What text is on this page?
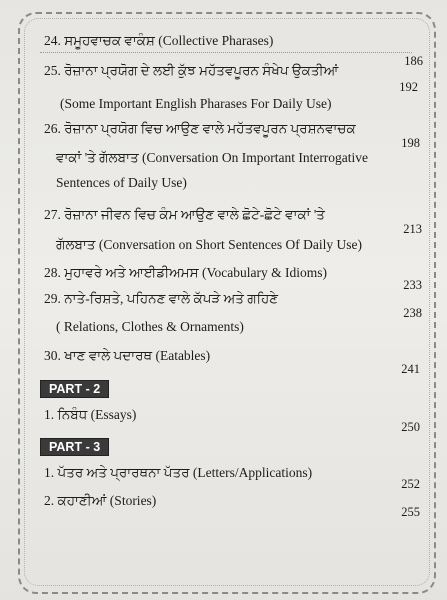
24. ਸਮੂਹਵਾਚਕ ਵਾਕੰਸ਼ (Collective Pharases)
186
25. ਰੋਜ਼ਾਨਾ ਪ੍ਰਯੋਗ ਦੇ ਲਈ ਕੁੱਝ ਮਹੱਤਵਪੂਰਨ ਸੰਖੇਪ ਉਕਤੀਆਂ
192
(Some Important English Pharases For Daily Use)
26. ਰੋਜ਼ਾਨਾ ਪ੍ਰਯੋਗ ਵਿਚ ਆਉਣ ਵਾਲੇ ਮਹੱਤਵਪੂਰਨ ਪ੍ਰਸ਼ਨਵਾਚਕ
198
ਵਾਕਾਂ 'ਤੇ ਗੱਲਬਾਤ (Conversation On Important Interrogative
Sentences of Daily Use)
27. ਰੋਜ਼ਾਨਾ ਜੀਵਨ ਵਿਚ ਕੰਮ ਆਉਣ ਵਾਲੇ ਛੋਟੇ-ਛੋਟੇ ਵਾਕਾਂ 'ਤੇ
213
ਗੱਲਬਾਤ (Conversation on Short Sentences Of Daily Use)
28. ਮੁਹਾਵਰੇ ਅਤੇ ਆਈਡੀਅਮਸ (Vocabulary & Idioms)
233
29. ਨਾਤੇ-ਰਿਸ਼ਤੇ, ਪਹਿਨਣ ਵਾਲੇ ਕੱਪੜੇ ਅਤੇ ਗਹਿਣੇ
238
( Relations, Clothes & Ornaments)
30. ਖਾਣ ਵਾਲੇ ਪਦਾਰਥ (Eatables)
241
PART - 2
1. ਨਿਬੰਧ (Essays)
250
PART - 3
1. ਪੱਤਰ ਅਤੇ ਪ੍ਰਾਰਥਨਾ ਪੱਤਰ (Letters/Applications)
252
2. ਕਹਾਣੀਆਂ (Stories)
255
